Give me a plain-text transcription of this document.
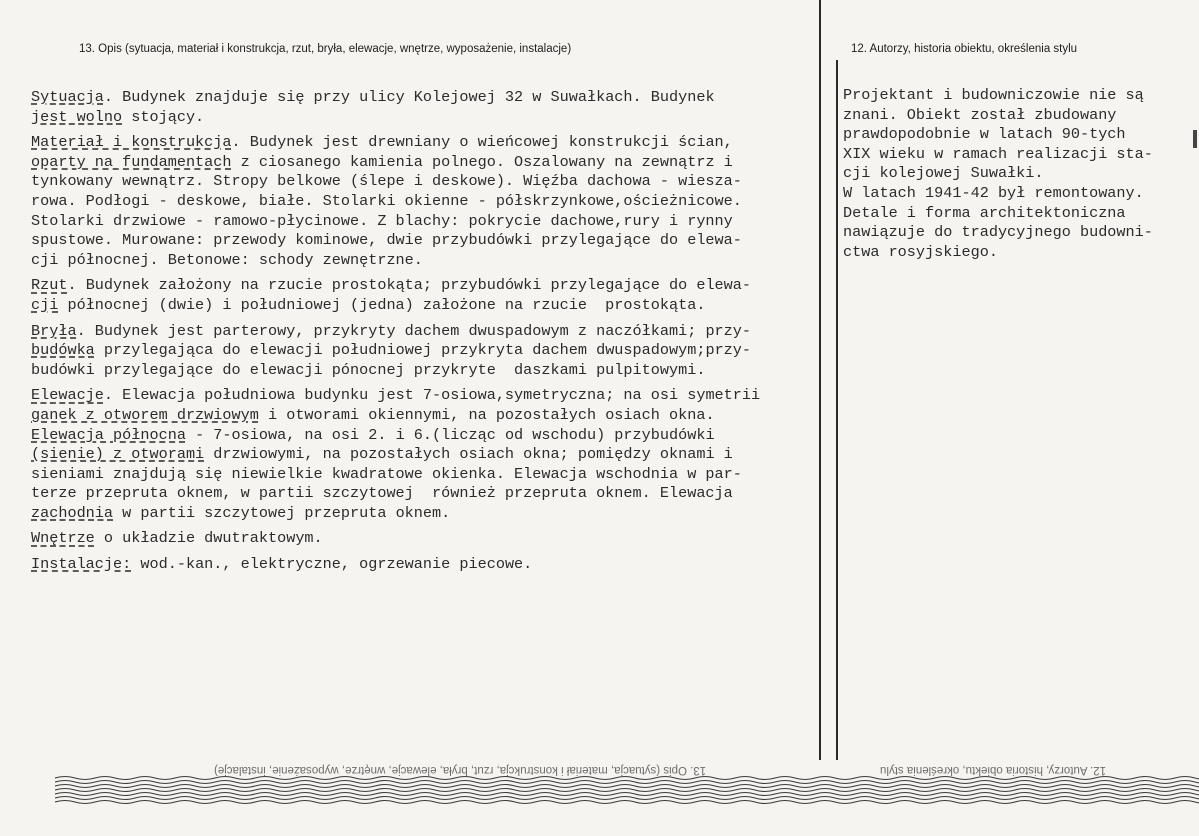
13. Opis (sytuacja, materiał i konstrukcja, rzut, bryła, elewacje, wnętrze, wyposażenie, instalacje)	12. Autorzy, historia obiektu, określenia stylu
Sytuacja. Budynek znajduje się przy ulicy Kolejowej 32 w Suwałkach. Budynek
jest wolno stojący.
Materiał i konstrukcja. Budynek jest drewniany o wieńcowej konstrukcji ścian,
oparty na fundamentach z ciosanego kamienia polnego. Oszalowany na zewnątrz i
tynkowany wewnątrz. Stropy belkowe (ślepe i deskowe). Więźba dachowa - wiesza-
rowa. Podłogi - deskowe, białe. Stolarki okienne - półskrzynkowe,ościeżnicowe.
Stolarki drzwiowe - ramowo-płycinowe. Z blachy: pokrycie dachowe,rury i rynny
spustowe. Murowane: przewody kominowe, dwie przybudówki przylegające do elewa-
cji północnej. Betonowe: schody zewnętrzne.
Rzut. Budynek założony na rzucie prostokąta; przybudówki przylegające do elewa-
cji północnej (dwie) i południowej (jedna) założone na rzucie  prostokąta.
Bryła. Budynek jest parterowy, przykryty dachem dwuspadowym z naczółkami; przy-
budówka przylegająca do elewacji południowej przykryta dachem dwuspadowym;przy-
budówki przylegające do elewacji pónocnej przykryte  daszkami pulpitowymi.
Elewacje. Elewacja południowa budynku jest 7-osiowa,symetryczna; na osi symetrii
ganek z otworem drzwiowym i otworami okiennymi, na pozostałych osiach okna.
Elewacja północna - 7-osiowa, na osi 2. i 6.(licząc od wschodu) przybudówki
(sienie) z otworami drzwiowymi, na pozostałych osiach okna; pomiędzy oknami i
sieniami znajdują się niewielkie kwadratowe okienka. Elewacja wschodnia w par-
terze przepruta oknem, w partii szczytowej  również przepruta oknem. Elewacja
zachodnia w partii szczytowej przepruta oknem.
Wnętrze o układzie dwutraktowym.
Instalacje: wod.-kan., elektryczne, ogrzewanie piecowe.
Projektant i budowniczowie nie są
znani. Obiekt został zbudowany
prawdopodobnie w latach 90-tych
XIX wieku w ramach realizacji sta-
cji kolejowej Suwałki.
W latach 1941-42 był remontowany.
Detale i forma architektoniczna
nawiązuje do tradycyjnego budowni-
ctwa rosyjskiego.
13. Opis (sytuacja, materiał i konstrukcja, rzut, bryła, elewacje, wnętrze, wyposażenie, instalacje)	12. Autorzy, historia obiektu, określenia stylu
